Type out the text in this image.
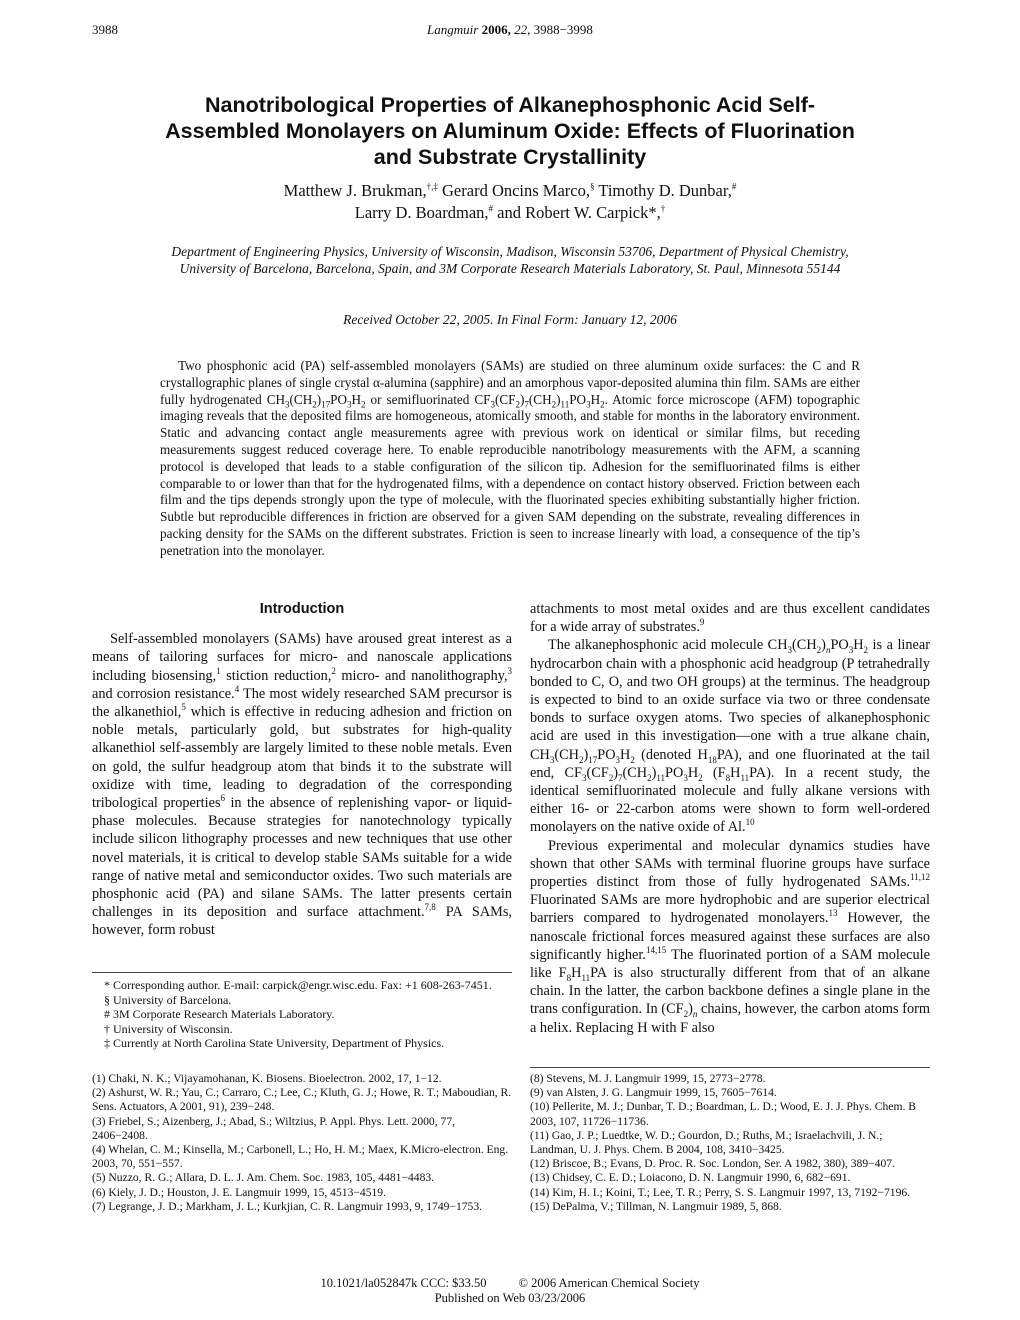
3988	Langmuir 2006, 22, 3988−3998
Nanotribological Properties of Alkanephosphonic Acid Self-Assembled Monolayers on Aluminum Oxide: Effects of Fluorination and Substrate Crystallinity
Matthew J. Brukman,†,‡ Gerard Oncins Marco,§ Timothy D. Dunbar,#
Larry D. Boardman,# and Robert W. Carpick*,†
Department of Engineering Physics, University of Wisconsin, Madison, Wisconsin 53706, Department of Physical Chemistry, University of Barcelona, Barcelona, Spain, and 3M Corporate Research Materials Laboratory, St. Paul, Minnesota 55144
Received October 22, 2005. In Final Form: January 12, 2006

Two phosphonic acid (PA) self-assembled monolayers (SAMs) are studied on three aluminum oxide surfaces: the C and R crystallographic planes of single crystal α-alumina (sapphire) and an amorphous vapor-deposited alumina thin film. SAMs are either fully hydrogenated $CH_3(CH_2)_{17}PO_3H_2$ or semifluorinated $CF_3(CF_2)_7(CH_2)_{11}PO_3H_2$. Atomic force microscope (AFM) topographic imaging reveals that the deposited films are homogeneous, atomically smooth, and stable for months in the laboratory environment. Static and advancing contact angle measurements agree with previous work on identical or similar films, but receding measurements suggest reduced coverage here. To enable reproducible nanotribology measurements with the AFM, a scanning protocol is developed that leads to a stable configuration of the silicon tip. Adhesion for the semifluorinated films is either comparable to or lower than that for the hydrogenated films, with a dependence on contact history observed. Friction between each film and the tips depends strongly upon the type of molecule, with the fluorinated species exhibiting substantially higher friction. Subtle but reproducible differences in friction are observed for a given SAM depending on the substrate, revealing differences in packing density for the SAMs on the different substrates. Friction is seen to increase linearly with load, a consequence of the tip’s penetration into the monolayer.

Introduction

Self-assembled monolayers (SAMs) have aroused great interest as a means of tailoring surfaces for micro- and nanoscale applications including biosensing,$^1$ stiction reduction,$^2$ micro- and nanolithography,$^3$ and corrosion resistance.$^4$ The most widely researched SAM precursor is the alkanethiol,$^5$ which is effective in reducing adhesion and friction on noble metals, particularly gold, but substrates for high-quality alkanethiol self-assembly are largely limited to these noble metals. Even on gold, the sulfur headgroup atom that binds it to the substrate will oxidize with time, leading to degradation of the corresponding tribological properties$^6$ in the absence of replenishing vapor- or liquid-phase molecules. Because strategies for nanotechnology typically include silicon lithography processes and new techniques that use other novel materials, it is critical to develop stable SAMs suitable for a wide range of native metal and semiconductor oxides. Two such materials are phosphonic acid (PA) and silane SAMs. The latter presents certain challenges in its deposition and surface attachment.$^{7,8}$ PA SAMs, however, form robust

* Corresponding author. E-mail: carpick@engr.wisc.edu. Fax: +1 608-263-7451.
§ University of Barcelona.
# 3M Corporate Research Materials Laboratory.
† University of Wisconsin.
‡ Currently at North Carolina State University, Department of Physics.

attachments to most metal oxides and are thus excellent candidates for a wide array of substrates.$^9$

The alkanephosphonic acid molecule $CH_3(CH_2)_nPO_3H_2$ is a linear hydrocarbon chain with a phosphonic acid headgroup (P tetrahedrally bonded to C, O, and two OH groups) at the terminus. The headgroup is expected to bind to an oxide surface via two or three condensate bonds to surface oxygen atoms. Two species of alkanephosphonic acid are used in this investigation—one with a true alkane chain, $CH_3(CH_2)_{17}PO_3H_2$ (denoted $H_{18}PA$), and one fluorinated at the tail end, $CF_3(CF_2)_7(CH_2)_{11}PO_3H_2$ $(F_8H_{11}PA)$. In a recent study, the identical semifluorinated molecule and fully alkane versions with either 16- or 22-carbon atoms were shown to form well-ordered monolayers on the native oxide of Al.$^{10}$

Previous experimental and molecular dynamics studies have shown that other SAMs with terminal fluorine groups have surface properties distinct from those of fully hydrogenated SAMs.$^{11,12}$ Fluorinated SAMs are more hydrophobic and are superior electrical barriers compared to hydrogenated monolayers.$^{13}$ However, the nanoscale frictional forces measured against these surfaces are also significantly higher.$^{14,15}$ The fluorinated portion of a SAM molecule like $F_8H_{11}PA$ is also structurally different from that of an alkane chain. In the latter, the carbon backbone defines a single plane in the trans configuration. In $(CF_2)_n$ chains, however, the carbon atoms form a helix. Replacing H with F also

(1) Chaki, N. K.; Vijayamohanan, K. Biosens. Bioelectron. 2002, 17, 1−12.
(2) Ashurst, W. R.; Yau, C.; Carraro, C.; Lee, C.; Kluth, G. J.; Howe, R. T.; Maboudian, R. Sens. Actuators, A 2001, 91), 239−248.
(3) Friebel, S.; Aizenberg, J.; Abad, S.; Wiltzius, P. Appl. Phys. Lett. 2000, 77, 2406−2408.
(4) Whelan, C. M.; Kinsella, M.; Carbonell, L.; Ho, H. M.; Maex, K.Micro-electron. Eng. 2003, 70, 551−557.
(5) Nuzzo, R. G.; Allara, D. L. J. Am. Chem. Soc. 1983, 105, 4481−4483.
(6) Kiely, J. D.; Houston, J. E. Langmuir 1999, 15, 4513−4519.
(7) Legrange, J. D.; Markham, J. L.; Kurkjian, C. R. Langmuir 1993, 9, 1749−1753.
(8) Stevens, M. J. Langmuir 1999, 15, 2773−2778.
(9) van Alsten, J. G. Langmuir 1999, 15, 7605−7614.
(10) Pellerite, M. J.; Dunbar, T. D.; Boardman, L. D.; Wood, E. J. J. Phys. Chem. B 2003, 107, 11726−11736.
(11) Gao, J. P.; Luedtke, W. D.; Gourdon, D.; Ruths, M.; Israelachvili, J. N.; Landman, U. J. Phys. Chem. B 2004, 108, 3410−3425.
(12) Briscoe, B.; Evans, D. Proc. R. Soc. London, Ser. A 1982, 380), 389−407.
(13) Chidsey, C. E. D.; Loiacono, D. N. Langmuir 1990, 6, 682−691.
(14) Kim, H. I.; Koini, T.; Lee, T. R.; Perry, S. S. Langmuir 1997, 13, 7192−7196.
(15) DePalma, V.; Tillman, N. Langmuir 1989, 5, 868.
10.1021/la052847k CCC: $33.50	© 2006 American Chemical Society
Published on Web 03/23/2006
